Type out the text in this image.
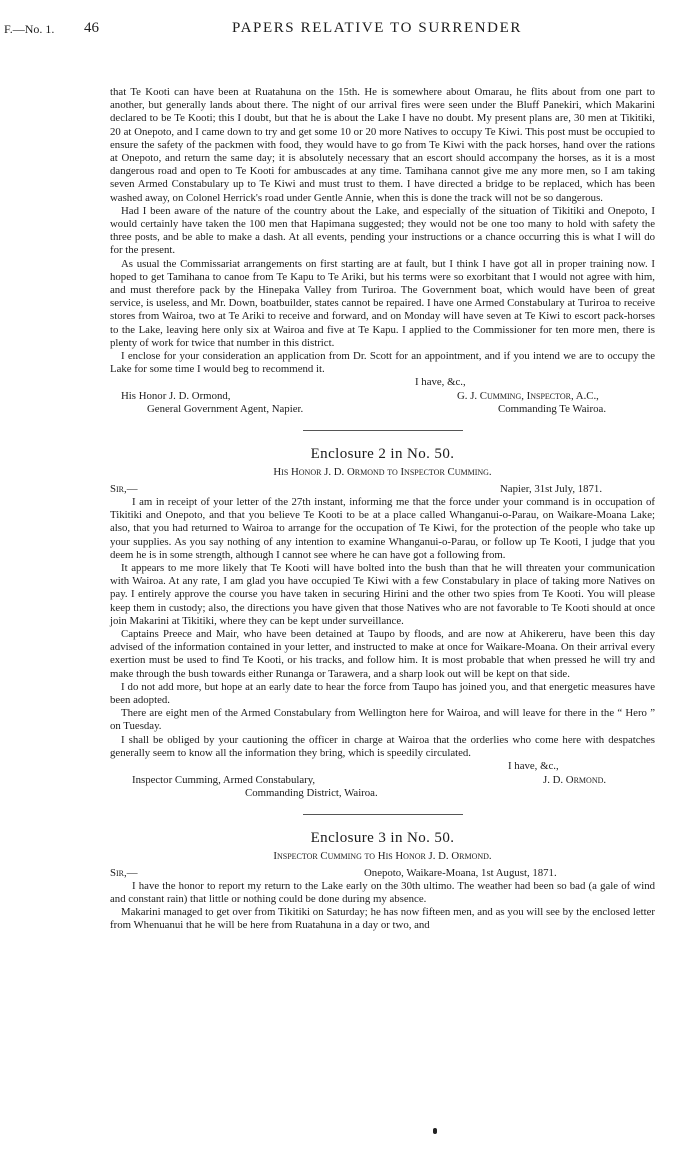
F.—No. 1. 46	PAPERS RELATIVE TO SURRENDER

that Te Kooti can have been at Ruatahuna on the 15th. He is somewhere about Omarau, he flits about from one part to another, but generally lands about there. The night of our arrival fires were seen under the Bluff Panekiri, which Makarini declared to be Te Kooti; this I doubt, but that he is about the Lake I have no doubt. My present plans are, 30 men at Tikitiki, 20 at Onepoto, and I came down to try and get some 10 or 20 more Natives to occupy Te Kiwi. This post must be occupied to ensure the safety of the packmen with food, they would have to go from Te Kiwi with the pack horses, hand over the rations at Onepoto, and return the same day; it is absolutely necessary that an escort should accompany the horses, as it is a most dangerous road and open to Te Kooti for ambuscades at any time. Tamihana cannot give me any more men, so I am taking seven Armed Constabulary up to Te Kiwi and must trust to them. I have directed a bridge to be replaced, which has been washed away, on Colonel Herrick's road under Gentle Annie, when this is done the track will not be so dangerous.

Had I been aware of the nature of the country about the Lake, and especially of the situation of Tikitiki and Onepoto, I would certainly have taken the 100 men that Hapimana suggested; they would not be one too many to hold with safety the three posts, and be able to make a dash. At all events, pending your instructions or a chance occurring this is what I will do for the present.

As usual the Commissariat arrangements on first starting are at fault, but I think I have got all in proper training now. I hoped to get Tamihana to canoe from Te Kapu to Te Ariki, but his terms were so exorbitant that I would not agree with him, and must therefore pack by the Hinepaka Valley from Turiroa. The Government boat, which would have been of great service, is useless, and Mr. Down, boatbuilder, states cannot be repaired. I have one Armed Constabulary at Turiroa to receive stores from Wairoa, two at Te Ariki to receive and forward, and on Monday will have seven at Te Kiwi to escort pack-horses to the Lake, leaving here only six at Wairoa and five at Te Kapu. I applied to the Commissioner for ten more men, there is plenty of work for twice that number in this district.

I enclose for your consideration an application from Dr. Scott for an appointment, and if you intend we are to occupy the Lake for some time I would beg to recommend it.

I have, &c.,
His Honor J. D. Ormond,	G. J. Cumming, Inspector, A.C.,
General Government Agent, Napier.	Commanding Te Wairoa.
Enclosure 2 in No. 50.
His Honor J. D. Ormond to Inspector Cumming.
Sir,—	Napier, 31st July, 1871.

I am in receipt of your letter of the 27th instant, informing me that the force under your command is in occupation of Tikitiki and Onepoto, and that you believe Te Kooti to be at a place called Whanganui-o-Parau, on Waikare-Moana Lake; also, that you had returned to Wairoa to arrange for the occupation of Te Kiwi, for the protection of the people who take up your supplies. As you say nothing of any intention to examine Whanganui-o-Parau, or follow up Te Kooti, I judge that you deem he is in some strength, although I cannot see where he can have got a following from.

It appears to me more likely that Te Kooti will have bolted into the bush than that he will threaten your communication with Wairoa. At any rate, I am glad you have occupied Te Kiwi with a few Constabulary in place of taking more Natives on pay. I entirely approve the course you have taken in securing Hirini and the other two spies from Te Kooti. You will please keep them in custody; also, the directions you have given that those Natives who are not favorable to Te Kooti should at once join Makarini at Tikitiki, where they can be kept under surveillance.

Captains Preece and Mair, who have been detained at Taupo by floods, and are now at Ahikereru, have been this day advised of the information contained in your letter, and instructed to make at once for Waikare-Moana. On their arrival every exertion must be used to find Te Kooti, or his tracks, and follow him. It is most probable that when pressed he will try and make through the bush towards either Runanga or Tarawera, and a sharp look out will be kept on that side.

I do not add more, but hope at an early date to hear the force from Taupo has joined you, and that energetic measures have been adopted.

There are eight men of the Armed Constabulary from Wellington here for Wairoa, and will leave for there in the “ Hero ” on Tuesday.

I shall be obliged by your cautioning the officer in charge at Wairoa that the orderlies who come here with despatches generally seem to know all the information they bring, which is speedily circulated.

I have, &c.,
Inspector Cumming, Armed Constabulary,	J. D. Ormond.
Commanding District, Wairoa.
Enclosure 3 in No. 50.
Inspector Cumming to His Honor J. D. Ormond.
Sir,—	Onepoto, Waikare-Moana, 1st August, 1871.

I have the honor to report my return to the Lake early on the 30th ultimo. The weather had been so bad (a gale of wind and constant rain) that little or nothing could be done during my absence.

Makarini managed to get over from Tikitiki on Saturday; he has now fifteen men, and as you will see by the enclosed letter from Whenuanui that he will be here from Ruatahuna in a day or two, and
